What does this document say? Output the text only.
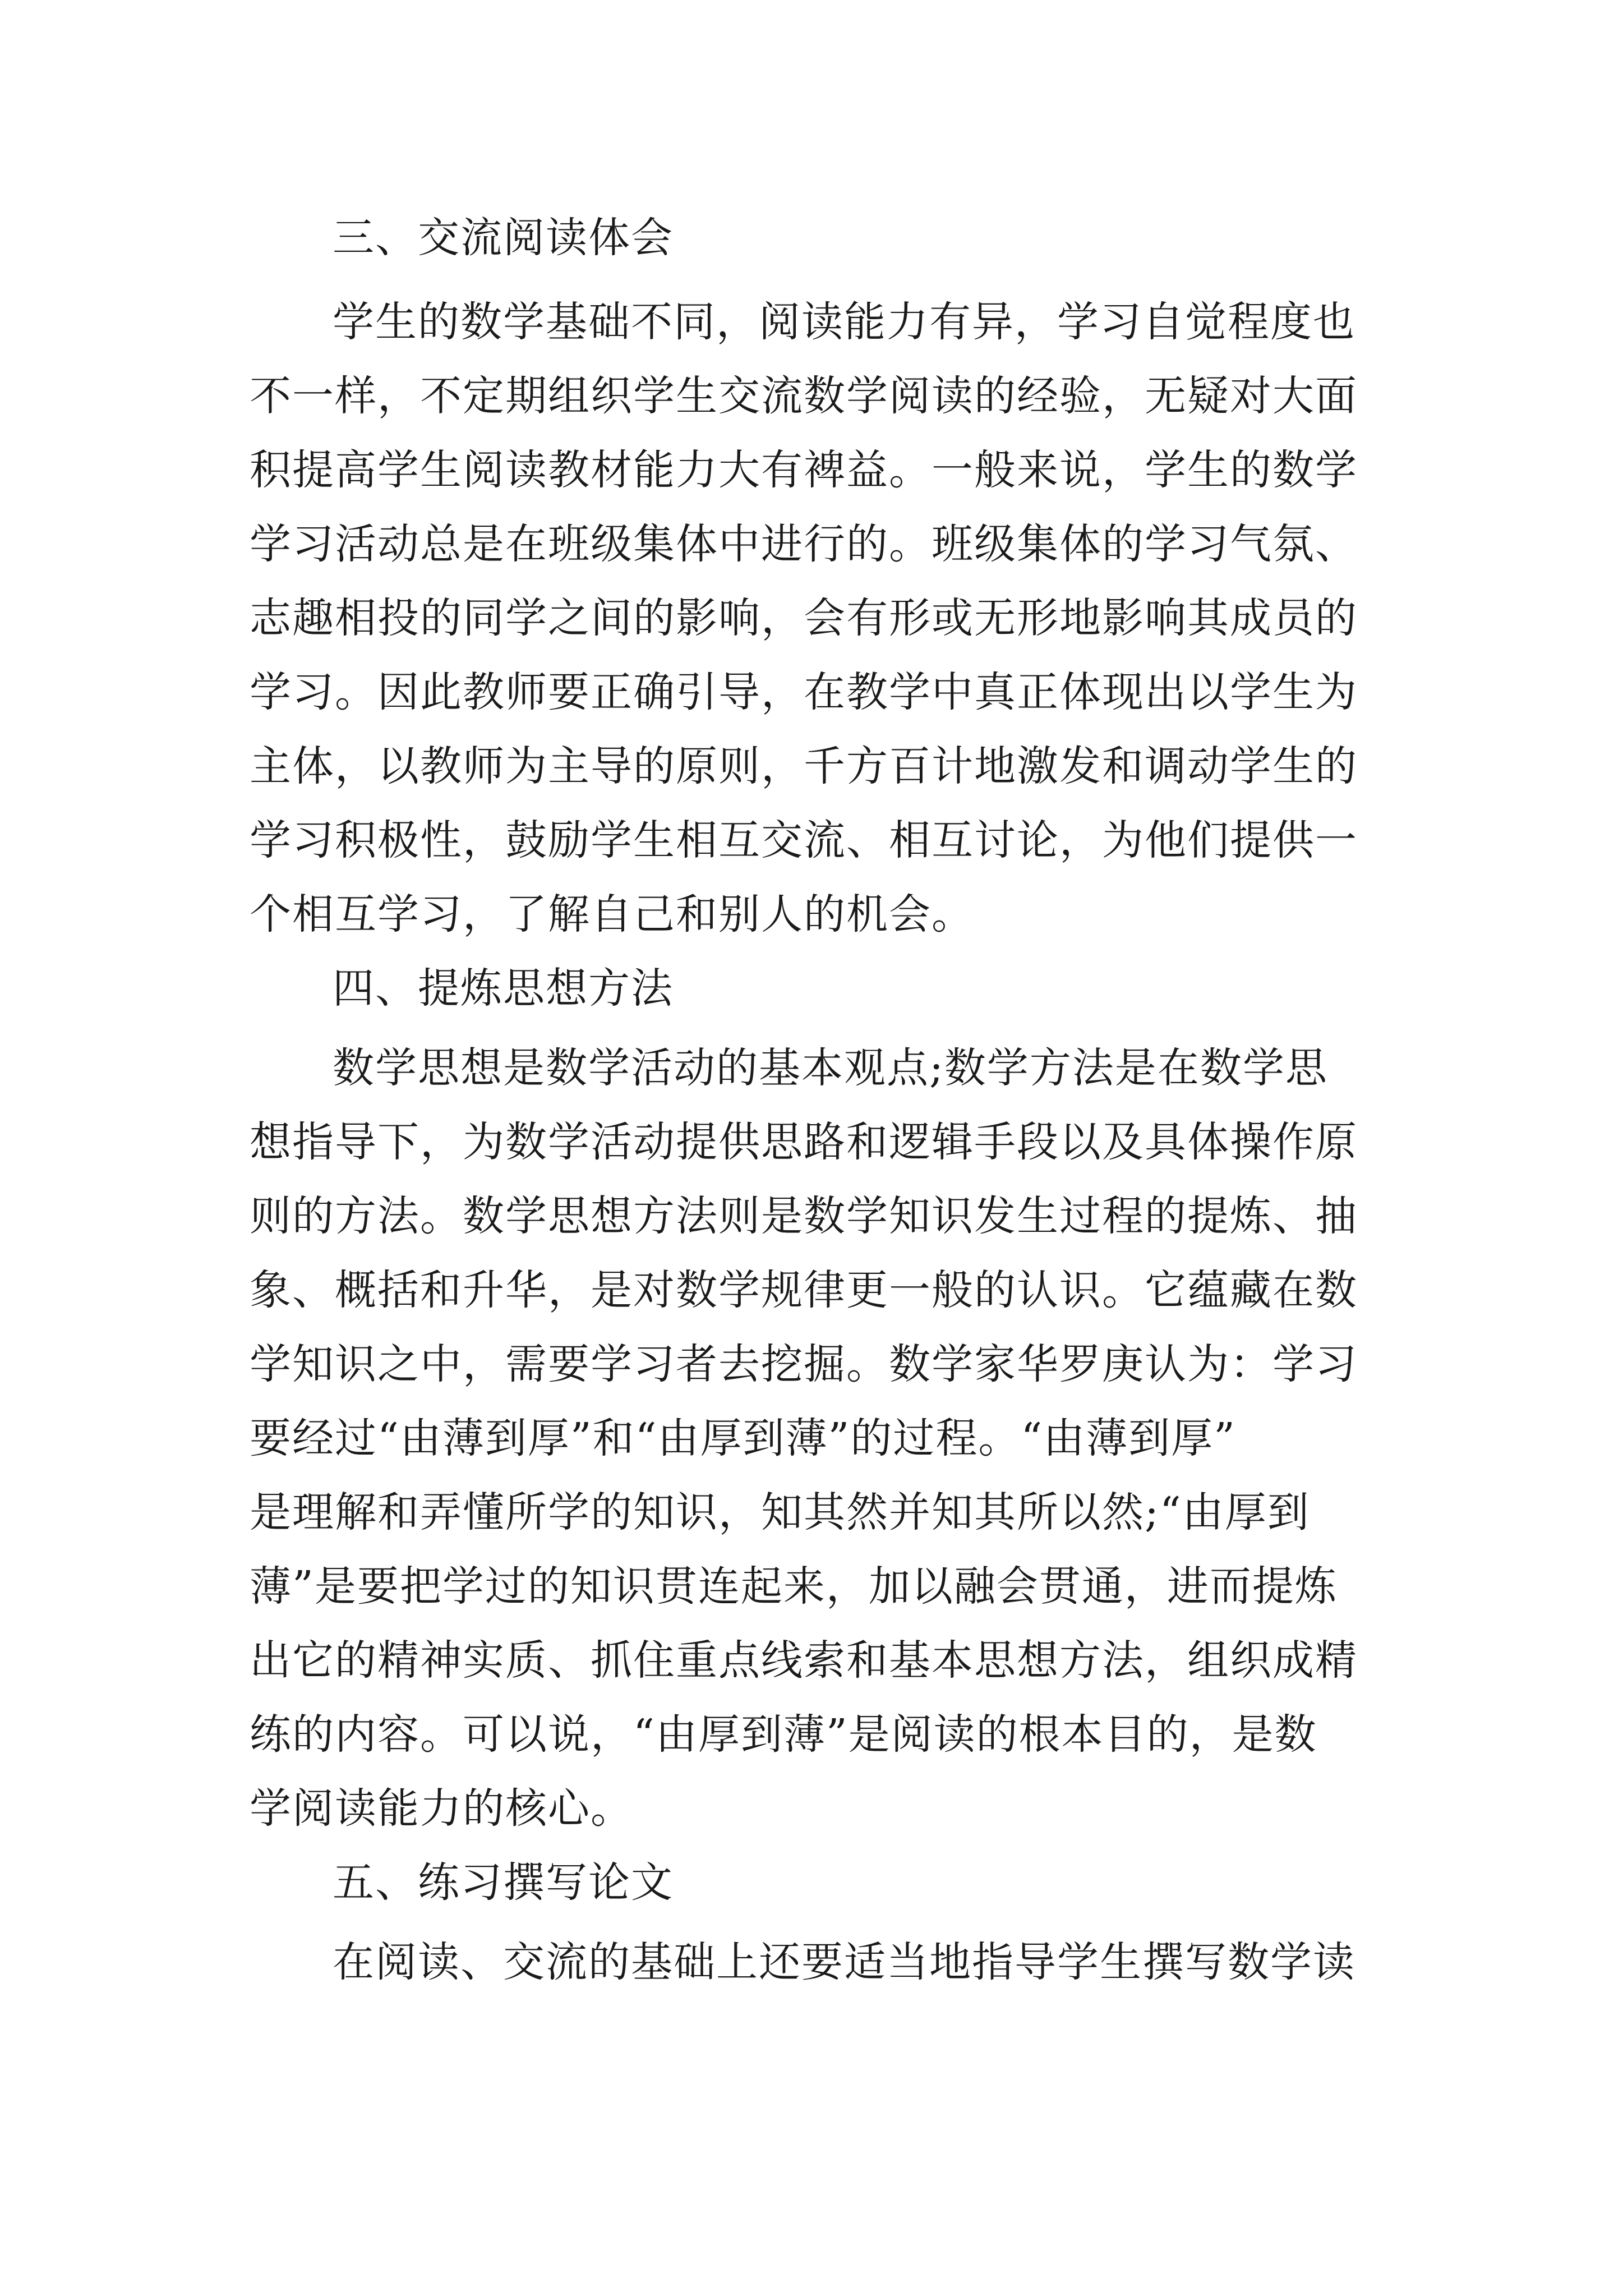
三、交流阅读体会
学生的数学基础不同，阅读能力有异，学习自觉程度也
不一样，不定期组织学生交流数学阅读的经验，无疑对大面
积提高学生阅读教材能力大有裨益。一般来说，学生的数学
学习活动总是在班级集体中进行的。班级集体的学习气氛、
志趣相投的同学之间的影响，会有形或无形地影响其成员的
学习。因此教师要正确引导，在教学中真正体现出以学生为
主体，以教师为主导的原则，千方百计地激发和调动学生的
学习积极性，鼓励学生相互交流、相互讨论，为他们提供一
个相互学习，了解自己和别人的机会。
四、提炼思想方法
数学思想是数学活动的基本观点;数学方法是在数学思
想指导下，为数学活动提供思路和逻辑手段以及具体操作原
则的方法。数学思想方法则是数学知识发生过程的提炼、抽
象、概括和升华，是对数学规律更一般的认识。它蕴藏在数
学知识之中，需要学习者去挖掘。数学家华罗庚认为：学习
要经过“由薄到厚”和“由厚到薄”的过程。“由薄到厚”
是理解和弄懂所学的知识，知其然并知其所以然;“由厚到
薄”是要把学过的知识贯连起来，加以融会贯通，进而提炼
出它的精神实质、抓住重点线索和基本思想方法，组织成精
练的内容。可以说，“由厚到薄”是阅读的根本目的，是数
学阅读能力的核心。
五、练习撰写论文
在阅读、交流的基础上还要适当地指导学生撰写数学读
